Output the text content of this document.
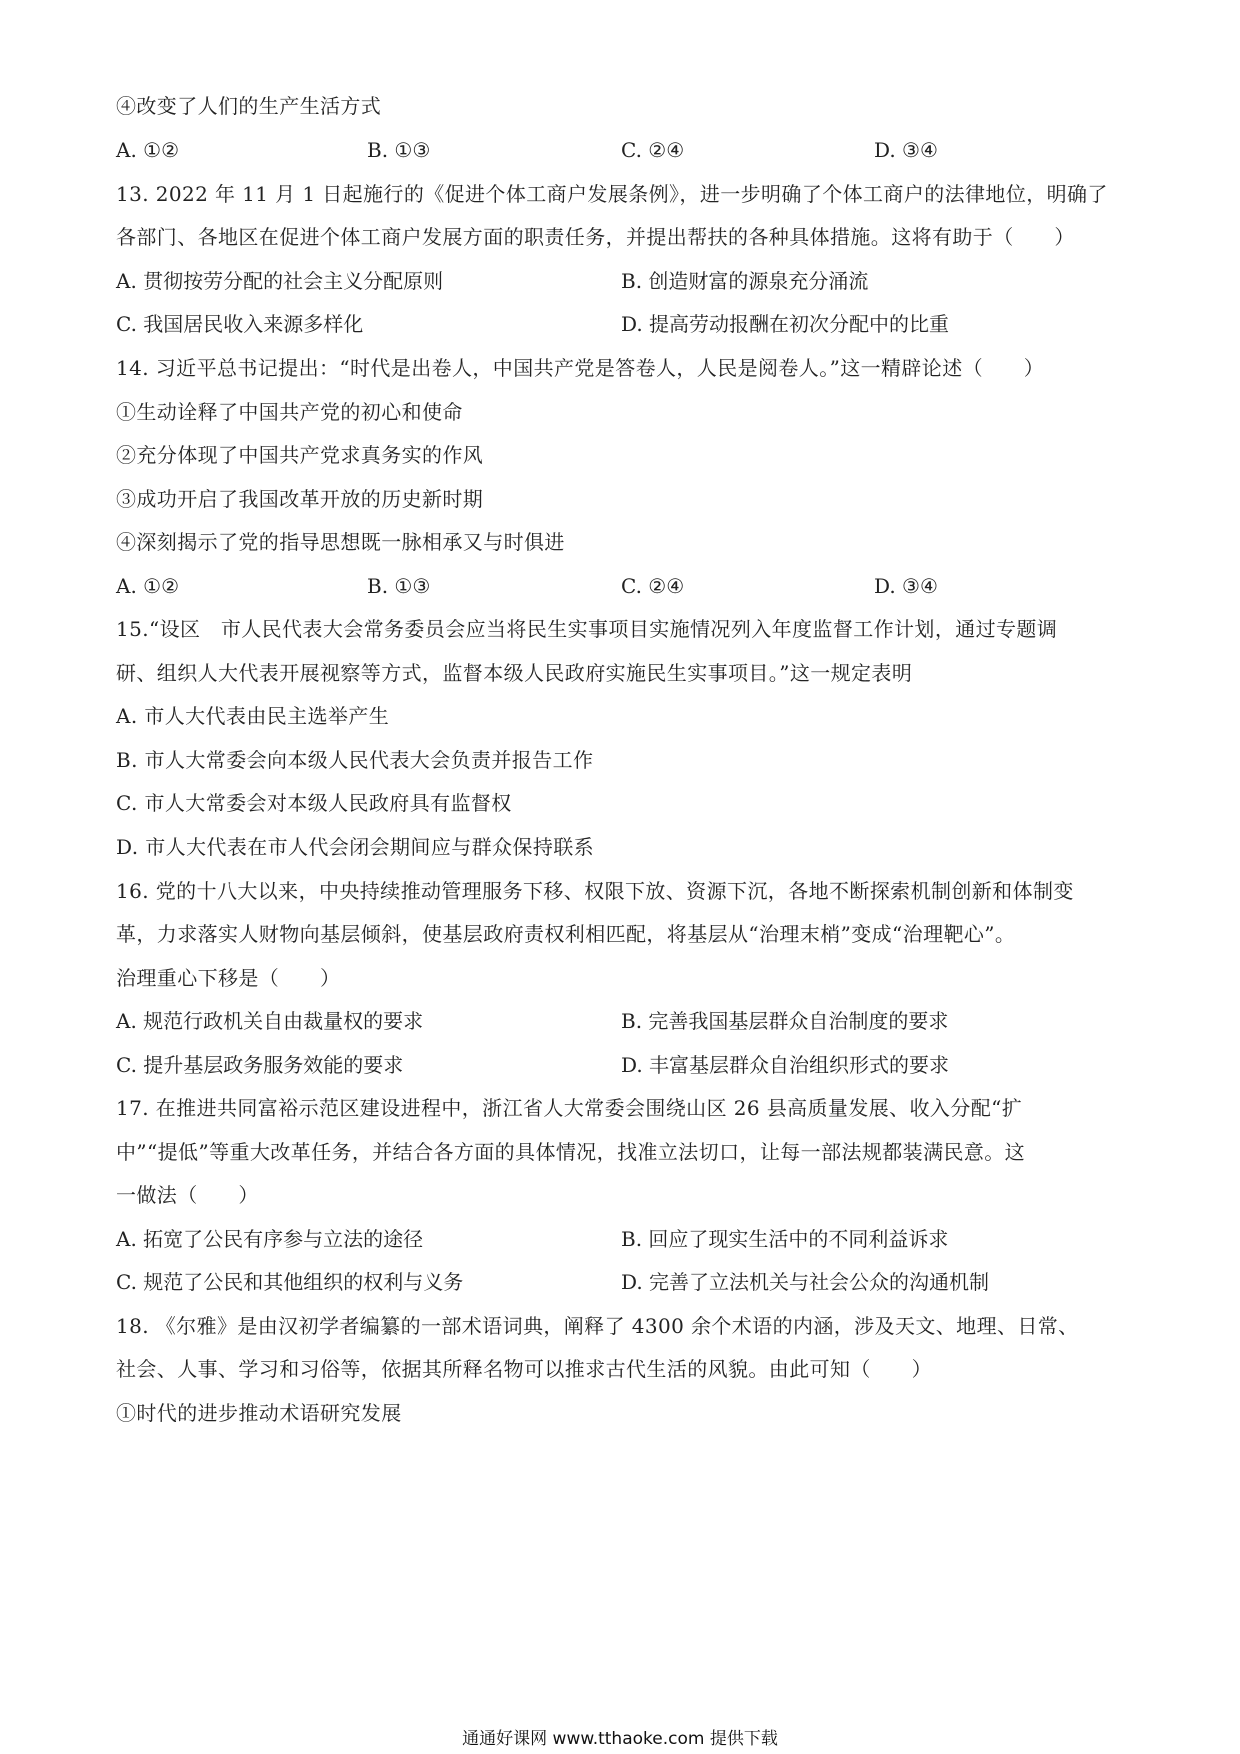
④改变了人们的生产生活方式
A. ①②	B. ①③	C. ②④	D. ③④
13. 2022 年 11 月 1 日起施行的《促进个体工商户发展条例》，进一步明确了个体工商户的法律地位，明确了
各部门、各地区在促进个体工商户发展方面的职责任务，并提出帮扶的各种具体措施。这将有助于（　　）
A. 贯彻按劳分配的社会主义分配原则	B. 创造财富的源泉充分涌流
C. 我国居民收入来源多样化	D. 提高劳动报酬在初次分配中的比重
14. 习近平总书记提出：“时代是出卷人，中国共产党是答卷人，人民是阅卷人。”这一精辟论述（　　）
①生动诠释了中国共产党的初心和使命
②充分体现了中国共产党求真务实的作风
③成功开启了我国改革开放的历史新时期
④深刻揭示了党的指导思想既一脉相承又与时俱进
A. ①②	B. ①③	C. ②④	D. ③④
15.“设区　市人民代表大会常务委员会应当将民生实事项目实施情况列入年度监督工作计划，通过专题调
研、组织人大代表开展视察等方式，监督本级人民政府实施民生实事项目。”这一规定表明
A. 市人大代表由民主选举产生
B. 市人大常委会向本级人民代表大会负责并报告工作
C. 市人大常委会对本级人民政府具有监督权
D. 市人大代表在市人代会闭会期间应与群众保持联系
16. 党的十八大以来，中央持续推动管理服务下移、权限下放、资源下沉，各地不断探索机制创新和体制变
革，力求落实人财物向基层倾斜，使基层政府责权利相匹配，将基层从“治理末梢”变成“治理靶心”。
治理重心下移是（　　）
A. 规范行政机关自由裁量权的要求	B. 完善我国基层群众自治制度的要求
C. 提升基层政务服务效能的要求	D. 丰富基层群众自治组织形式的要求
17. 在推进共同富裕示范区建设进程中，浙江省人大常委会围绕山区 26 县高质量发展、收入分配“扩
中”“提低”等重大改革任务，并结合各方面的具体情况，找准立法切口，让每一部法规都装满民意。这
一做法（　　）
A. 拓宽了公民有序参与立法的途径	B. 回应了现实生活中的不同利益诉求
C. 规范了公民和其他组织的权利与义务	D. 完善了立法机关与社会公众的沟通机制
18. 《尔雅》是由汉初学者编纂的一部术语词典，阐释了 4300 余个术语的内涵，涉及天文、地理、日常、
社会、人事、学习和习俗等，依据其所释名物可以推求古代生活的风貌。由此可知（　　）
①时代的进步推动术语研究发展
通通好课网 www.tthaoke.com 提供下载
